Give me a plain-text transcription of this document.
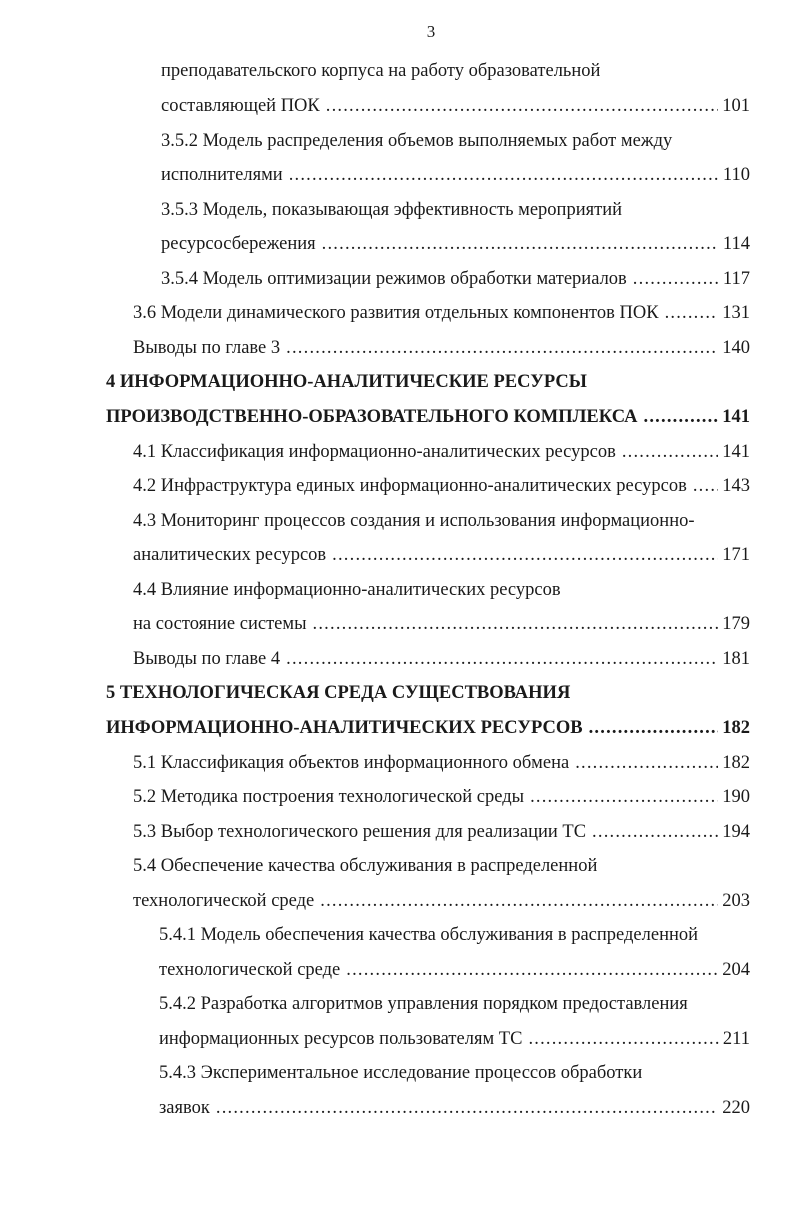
3
преподавательского корпуса на работу образовательной
составляющей ПОК .....	101
3.5.2 Модель распределения объемов выполняемых работ между
исполнителями .....	110
3.5.3 Модель, показывающая эффективность мероприятий
ресурсосбережения .....	114
3.5.4 Модель оптимизации режимов обработки материалов .....	117
3.6 Модели динамического развития отдельных компонентов ПОК .....	131
Выводы по главе 3 .....	140
4 ИНФОРМАЦИОННО-АНАЛИТИЧЕСКИЕ РЕСУРСЫ
ПРОИЗВОДСТВЕННО-ОБРАЗОВАТЕЛЬНОГО КОМПЛЕКСА .....	141
4.1 Классификация информационно-аналитических ресурсов .....	141
4.2 Инфраструктура единых информационно-аналитических ресурсов ..... 143
4.3 Мониторинг процессов создания и использования информационно-
аналитических ресурсов .....	171
4.4 Влияние информационно-аналитических ресурсов
на состояние системы .....	179
Выводы по главе 4 .....	181
5 ТЕХНОЛОГИЧЕСКАЯ СРЕДА СУЩЕСТВОВАНИЯ
ИНФОРМАЦИОННО-АНАЛИТИЧЕСКИХ РЕСУРСОВ .....	182
5.1 Классификация объектов информационного обмена .....	182
5.2 Методика построения технологической среды .....	190
5.3 Выбор технологического решения для реализации ТС .....	194
5.4 Обеспечение качества обслуживания в распределенной
технологической среде .....	203
5.4.1 Модель обеспечения качества обслуживания в распределенной
технологической среде .....	204
5.4.2 Разработка алгоритмов управления порядком предоставления
информационных ресурсов пользователям ТС .....	211
5.4.3 Экспериментальное исследование процессов обработки
заявок .....	220
